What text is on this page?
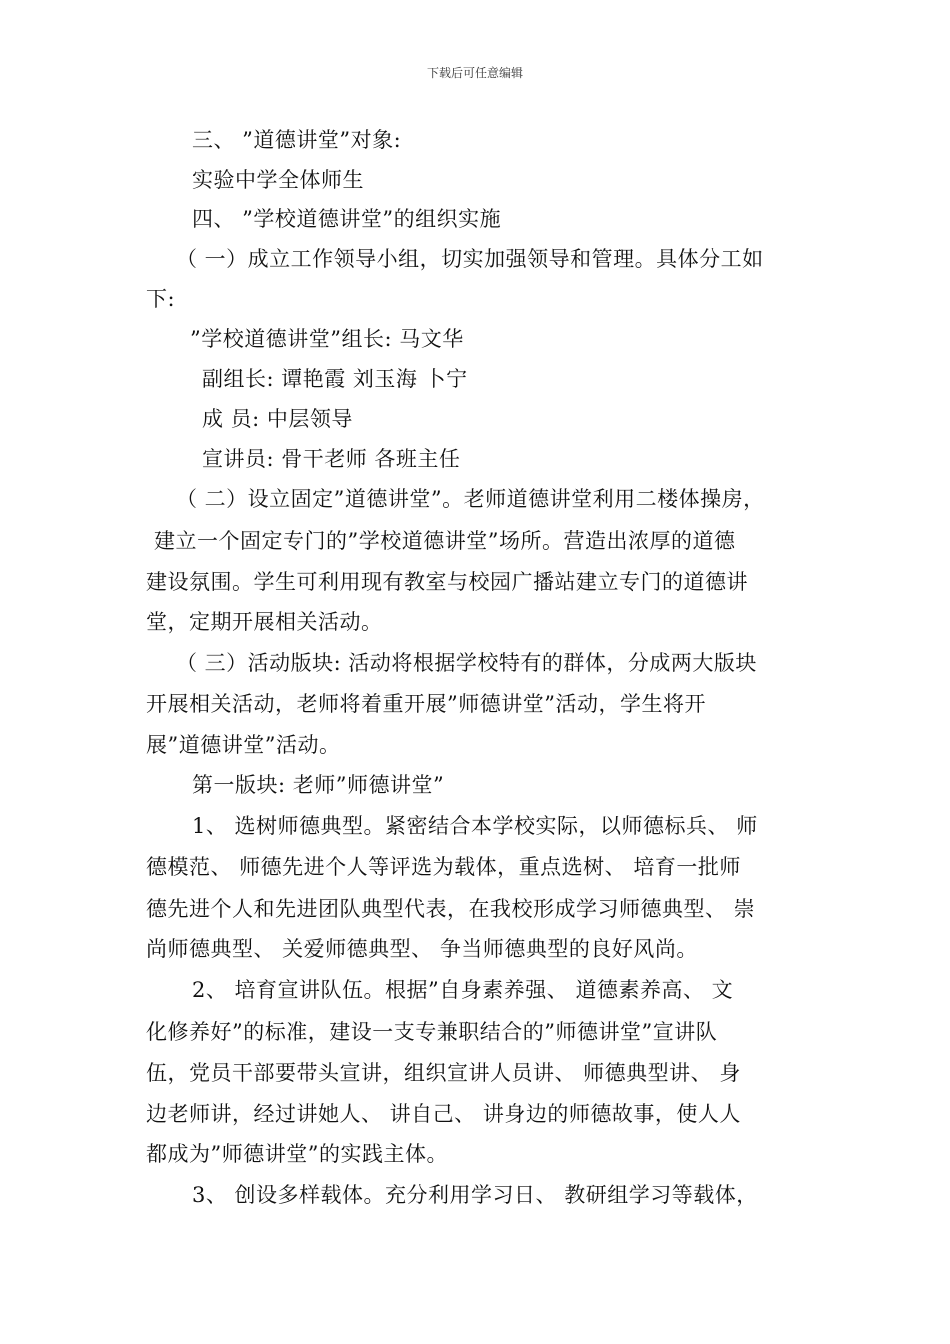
下载后可任意编辑
三、 ”道德讲堂”对象:
实验中学全体师生
四、 ”学校道德讲堂”的组织实施
（ 一）成立工作领导小组，切实加强领导和管理。具体分工如
下:
”学校道德讲堂”组长: 马文华
副组长: 谭艳霞 刘玉海 卜宁
成 员: 中层领导
宣讲员: 骨干老师 各班主任
（ 二）设立固定”道德讲堂”。老师道德讲堂利用二楼体操房，
建立一个固定专门的”学校道德讲堂”场所。营造出浓厚的道德
建设氛围。学生可利用现有教室与校园广播站建立专门的道德讲
堂，定期开展相关活动。
（ 三）活动版块: 活动将根据学校特有的群体，分成两大版块
开展相关活动，老师将着重开展”师德讲堂”活动，学生将开
展”道德讲堂”活动。
第一版块: 老师”师德讲堂”
1、 选树师德典型。紧密结合本学校实际，以师德标兵、 师
德模范、 师德先进个人等评选为载体，重点选树、 培育一批师
德先进个人和先进团队典型代表，在我校形成学习师德典型、 崇
尚师德典型、 关爱师德典型、 争当师德典型的良好风尚。
2、 培育宣讲队伍。根据”自身素养强、 道德素养高、 文
化修养好”的标准，建设一支专兼职结合的”师德讲堂”宣讲队
伍，党员干部要带头宣讲，组织宣讲人员讲、 师德典型讲、 身
边老师讲，经过讲她人、 讲自己、 讲身边的师德故事，使人人
都成为”师德讲堂”的实践主体。
3、 创设多样载体。充分利用学习日、 教研组学习等载体，
